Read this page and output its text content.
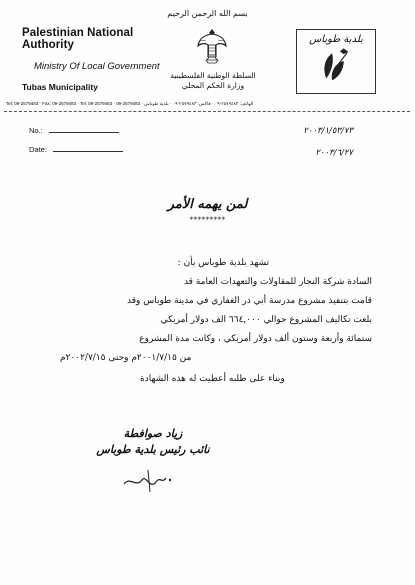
بسم الله الرحمن الرحيم
Palestinian National Authority
Ministry Of Local Government
Tubas Municipality
السلطة الوطنية الفلسطينية
وزارة الحكم المحلي
بلدية طوباس
Tel: 09-2579483 · Fax: 09-2579483 · Tel: 09-2579483 · 09-2579483 · الهاتف: ٢٥٧٩٤٨٣-٠٩ · فاكس: ٢٥٧٩٤٨٣-٠٩ · بلدية طوباس
No.:	٢٠٠٣/١/٥٣/٧٣
Date:	٢٠٠٣/٦/٢٧
لمن يهمه الأمر
*********
تشهد بلدية طوباس بأن :
السادة شركة النجار للمقاولات والتعهدات العامة قد
قامت بتنفيذ مشروع مدرسة أبي ذر الغفاري في مدينة طوباس وقد
بلغت تكاليف المشروع حوالي ٦٦٤,٠٠٠ الف دولار أمريكي
ستمائة وأربعة وستون ألف دولار أمريكي ، وكانت مدة المشروع
من ٢٠٠١/٧/١٥م وحتى ٢٠٠٢/٧/١٥م
وبناء على طلبه أعطيت له هذه الشهادة
زياد صوافطة
نائب رئيس بلدية طوباس
